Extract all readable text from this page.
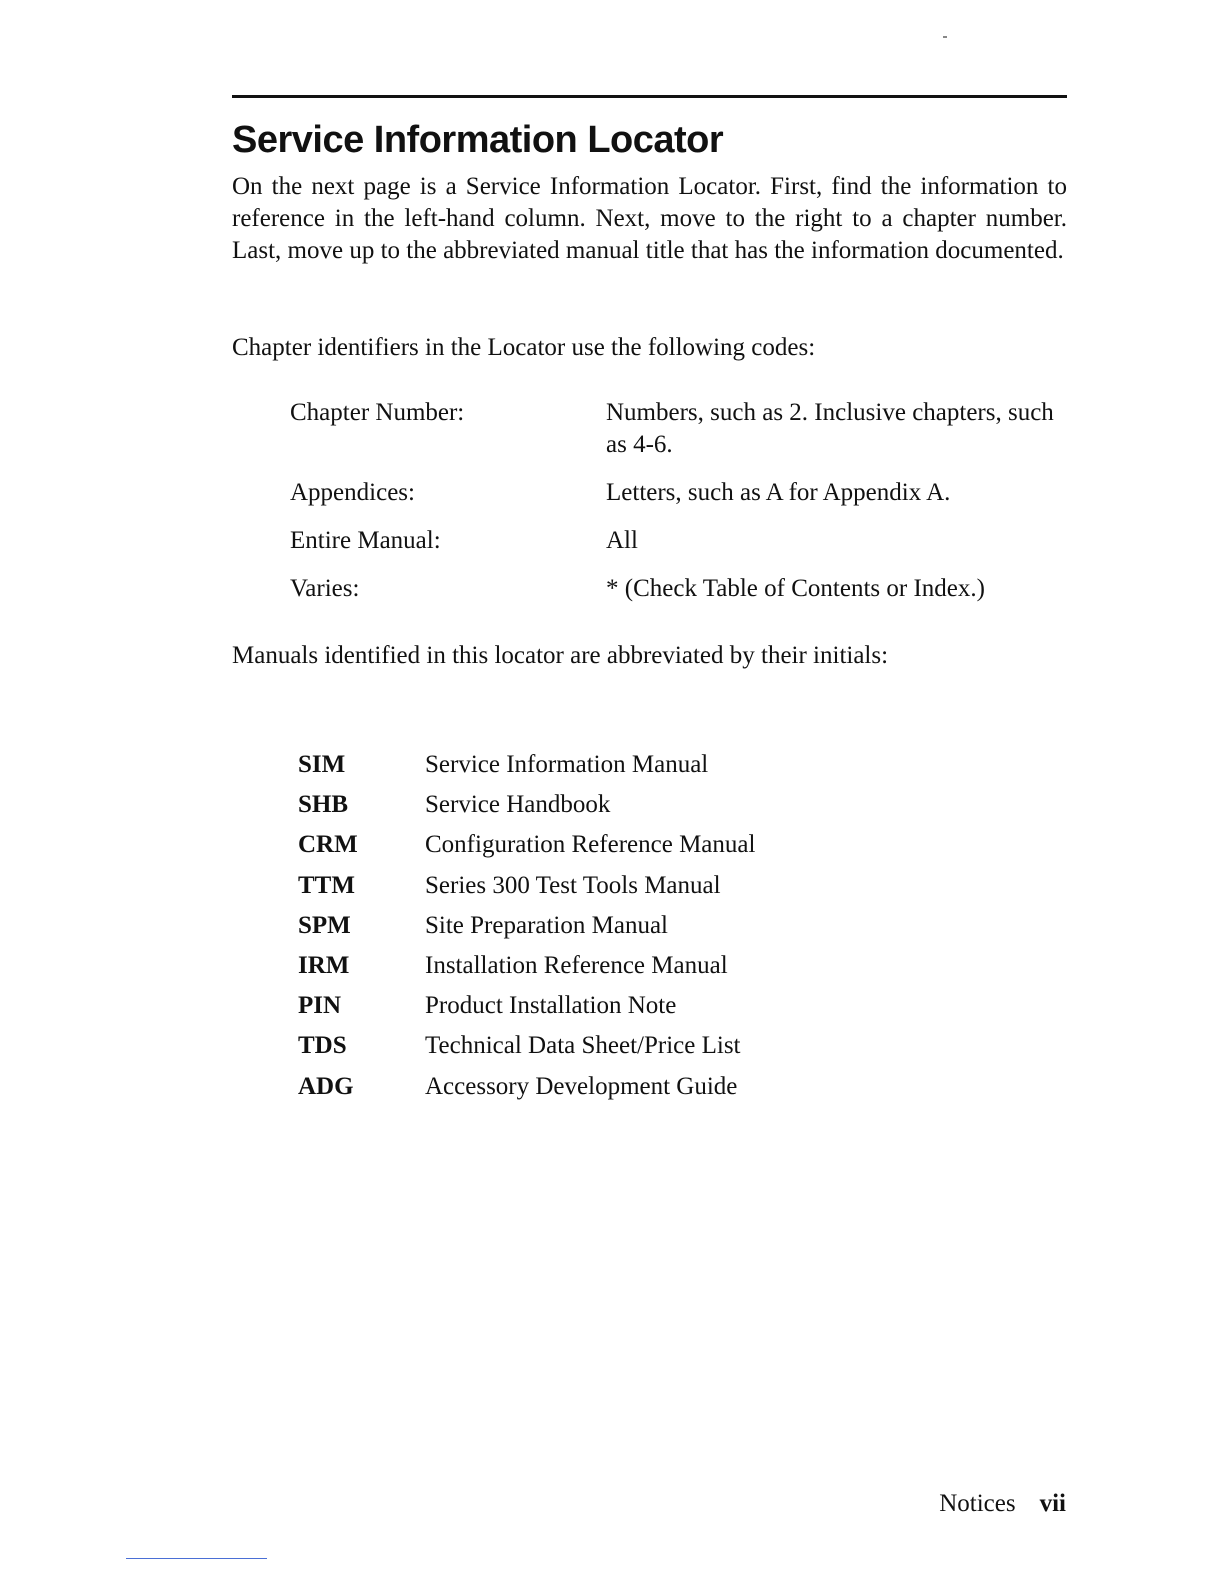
Service Information Locator

On the next page is a Service Information Locator. First, find the information to reference in the left-hand column. Next, move to the right to a chapter number. Last, move up to the abbreviated manual title that has the information documented.

Chapter identifiers in the Locator use the following codes:

Chapter Number:	Numbers, such as 2. Inclusive chapters, such as 4-6.
Appendices:	Letters, such as A for Appendix A.
Entire Manual:	All
Varies:	* (Check Table of Contents or Index.)

Manuals identified in this locator are abbreviated by their initials:

SIM	Service Information Manual
SHB	Service Handbook
CRM	Configuration Reference Manual
TTM	Series 300 Test Tools Manual
SPM	Site Preparation Manual
IRM	Installation Reference Manual
PIN	Product Installation Note
TDS	Technical Data Sheet/Price List
ADG	Accessory Development Guide
Notices vii
